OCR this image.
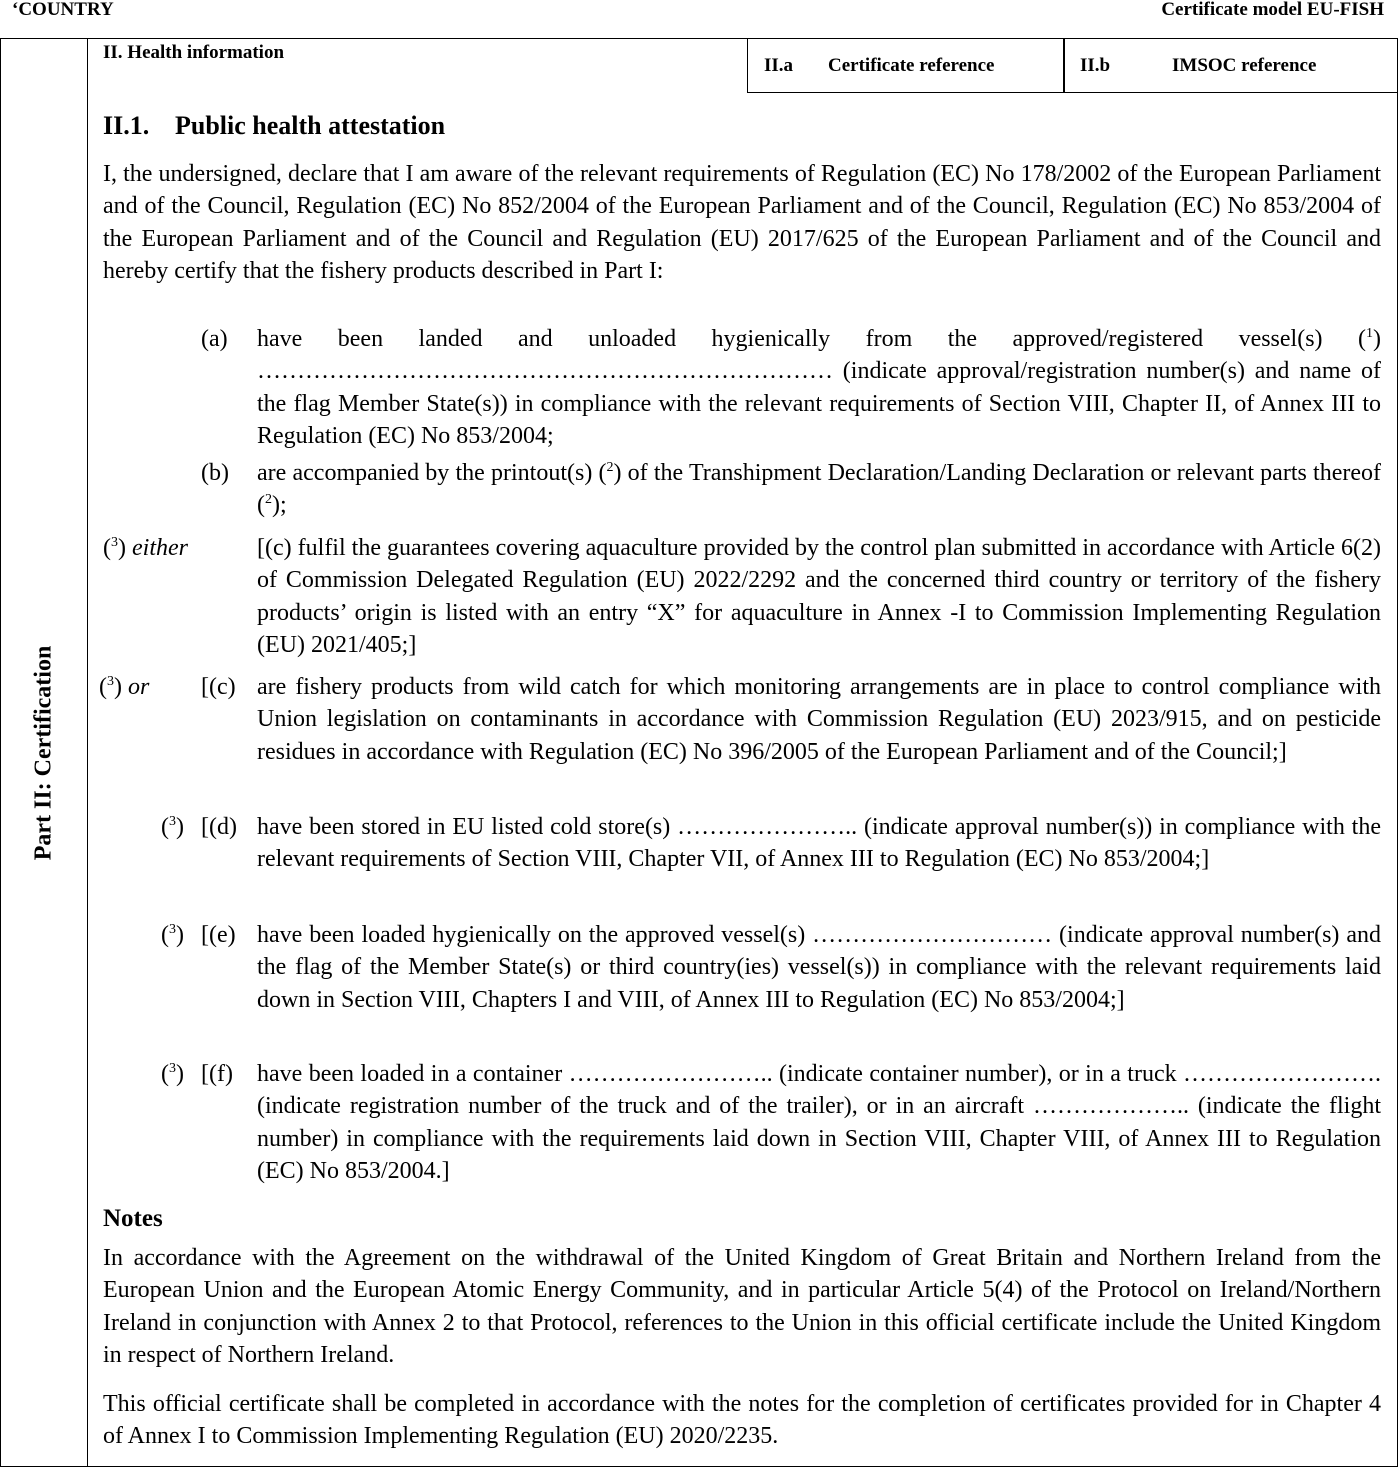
‘COUNTRY	Certificate model EU-FISH
Part II: Certification
II. Health information
II.a Certificate reference	II.b	IMSOC reference
II.1. Public health attestation

I, the undersigned, declare that I am aware of the relevant requirements of Regulation (EC) No 178/2002 of the European Parliament and of the Council, Regulation (EC) No 852/2004 of the European Parliament and of the Council, Regulation (EC) No 853/2004 of the European Parliament and of the Council and Regulation (EU) 2017/625 of the European Parliament and of the Council and hereby certify that the fishery products described in Part I:

(a) have been landed and unloaded hygienically from the approved/registered vessel(s) ($^1$) ……………………………………………………………… (indicate approval/registration number(s) and name of the flag Member State(s)) in compliance with the relevant requirements of Section VIII, Chapter II, of Annex III to Regulation (EC) No 853/2004;
(b) are accompanied by the printout(s) ($^2$) of the Transhipment Declaration/Landing Declaration or relevant parts thereof ($^2$);
($^3$) either	[(c) fulfil the guarantees covering aquaculture provided by the control plan submitted in accordance with Article 6(2) of Commission Delegated Regulation (EU) 2022/2292 and the concerned third country or territory of the fishery products’ origin is listed with an entry “X” for aquaculture in Annex -I to Commission Implementing Regulation (EU) 2021/405;]
($^3$) or [(c) are fishery products from wild catch for which monitoring arrangements are in place to control compliance with Union legislation on contaminants in accordance with Commission Regulation (EU) 2023/915, and on pesticide residues in accordance with Regulation (EC) No 396/2005 of the European Parliament and of the Council;]
($^3$) [(d) have been stored in EU listed cold store(s) ………………….. (indicate approval number(s)) in compliance with the relevant requirements of Section VIII, Chapter VII, of Annex III to Regulation (EC) No 853/2004;]
($^3$) [(e) have been loaded hygienically on the approved vessel(s) ………………………… (indicate approval number(s) and the flag of the Member State(s) or third country(ies) vessel(s)) in compliance with the relevant requirements laid down in Section VIII, Chapters I and VIII, of Annex III to Regulation (EC) No 853/2004;]
($^3$) [(f) have been loaded in a container …………………….. (indicate container number), or in a truck ……………………. (indicate registration number of the truck and of the trailer), or in an aircraft ……………….. (indicate the flight number) in compliance with the requirements laid down in Section VIII, Chapter VIII, of Annex III to Regulation (EC) No 853/2004.]
Notes

In accordance with the Agreement on the withdrawal of the United Kingdom of Great Britain and Northern Ireland from the European Union and the European Atomic Energy Community, and in particular Article 5(4) of the Protocol on Ireland/Northern Ireland in conjunction with Annex 2 to that Protocol, references to the Union in this official certificate include the United Kingdom in respect of Northern Ireland.

This official certificate shall be completed in accordance with the notes for the completion of certificates provided for in Chapter 4 of Annex I to Commission Implementing Regulation (EU) 2020/2235.
